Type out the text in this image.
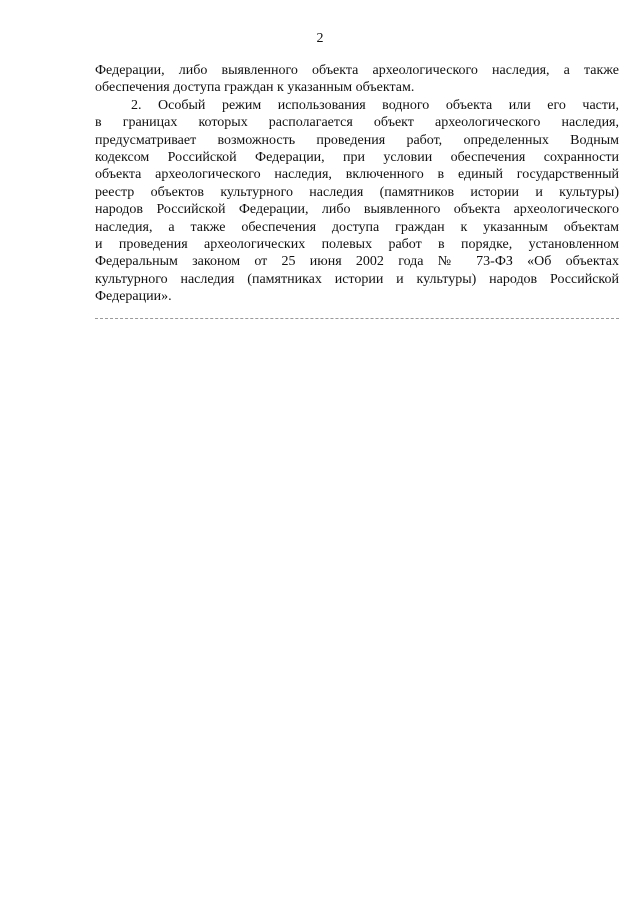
2
Федерации, либо выявленного объекта археологического наследия, а также
обеспечения доступа граждан к указанным объектам.
2. Особый режим использования водного объекта или его части,
в границах которых располагается объект археологического наследия,
предусматривает возможность проведения работ, определенных Водным
кодексом Российской Федерации, при условии обеспечения сохранности
объекта археологического наследия, включенного в единый государственный
реестр объектов культурного наследия (памятников истории и культуры)
народов Российской Федерации, либо выявленного объекта археологического
наследия, а также обеспечения доступа граждан к указанным объектам
и проведения археологических полевых работ в порядке, установленном
Федеральным законом от 25 июня 2002 года № 73-ФЗ «Об объектах
культурного наследия (памятниках истории и культуры) народов Российской
Федерации».
